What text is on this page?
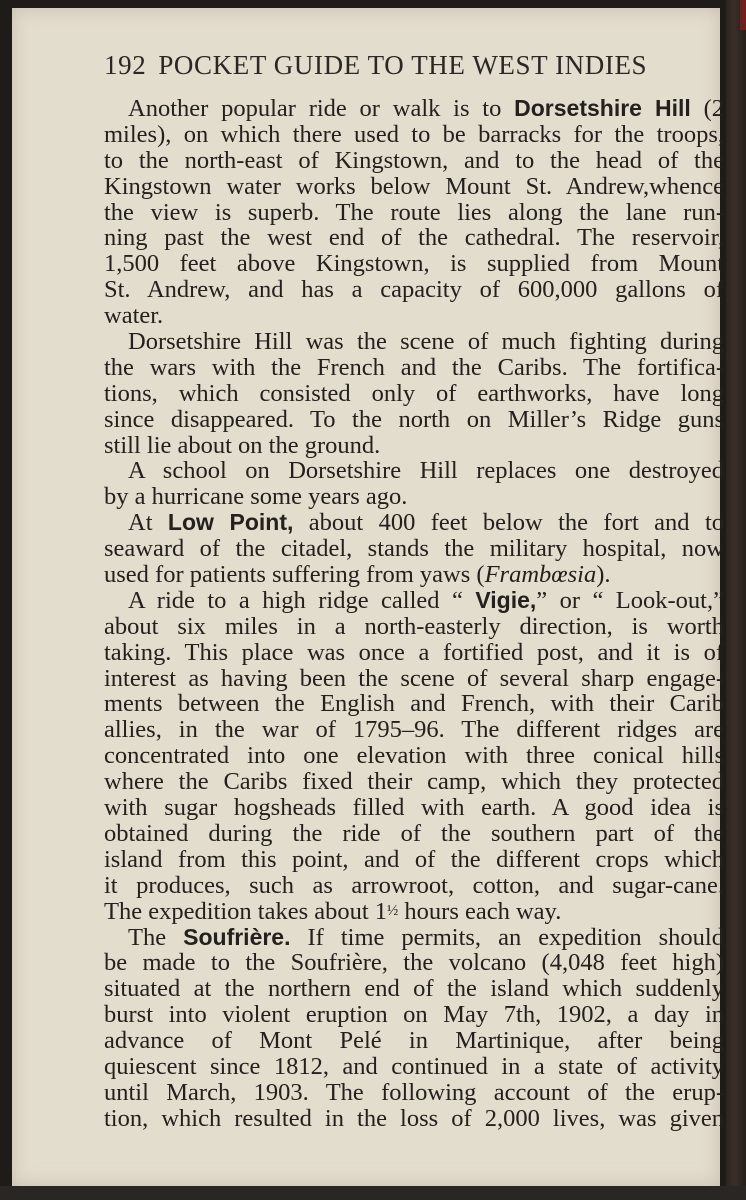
192 POCKET GUIDE TO THE WEST INDIES
Another popular ride or walk is to Dorsetshire Hill (2
miles), on which there used to be barracks for the troops,
to the north-east of Kingstown, and to the head of the
Kingstown water works below Mount St. Andrew,whence
the view is superb. The route lies along the lane run-
ning past the west end of the cathedral. The reservoir,
1,500 feet above Kingstown, is supplied from Mount
St. Andrew, and has a capacity of 600,000 gallons of
water.
Dorsetshire Hill was the scene of much fighting during
the wars with the French and the Caribs. The fortifica-
tions, which consisted only of earthworks, have long
since disappeared. To the north on Miller’s Ridge guns
still lie about on the ground.
A school on Dorsetshire Hill replaces one destroyed
by a hurricane some years ago.
At Low Point, about 400 feet below the fort and to
seaward of the citadel, stands the military hospital, now
used for patients suffering from yaws (Frambœsia).
A ride to a high ridge called “ Vigie,” or “ Look-out,”
about six miles in a north-easterly direction, is worth
taking. This place was once a fortified post, and it is of
interest as having been the scene of several sharp engage-
ments between the English and French, with their Carib
allies, in the war of 1795–96. The different ridges are
concentrated into one elevation with three conical hills
where the Caribs fixed their camp, which they protected
with sugar hogsheads filled with earth. A good idea is
obtained during the ride of the southern part of the
island from this point, and of the different crops which
it produces, such as arrowroot, cotton, and sugar-cane.
The expedition takes about 1½ hours each way.
The Soufrière. If time permits, an expedition should
be made to the Soufrière, the volcano (4,048 feet high)
situated at the northern end of the island which suddenly
burst into violent eruption on May 7th, 1902, a day in
advance of Mont Pelé in Martinique, after being
quiescent since 1812, and continued in a state of activity
until March, 1903. The following account of the erup-
tion, which resulted in the loss of 2,000 lives, was given
